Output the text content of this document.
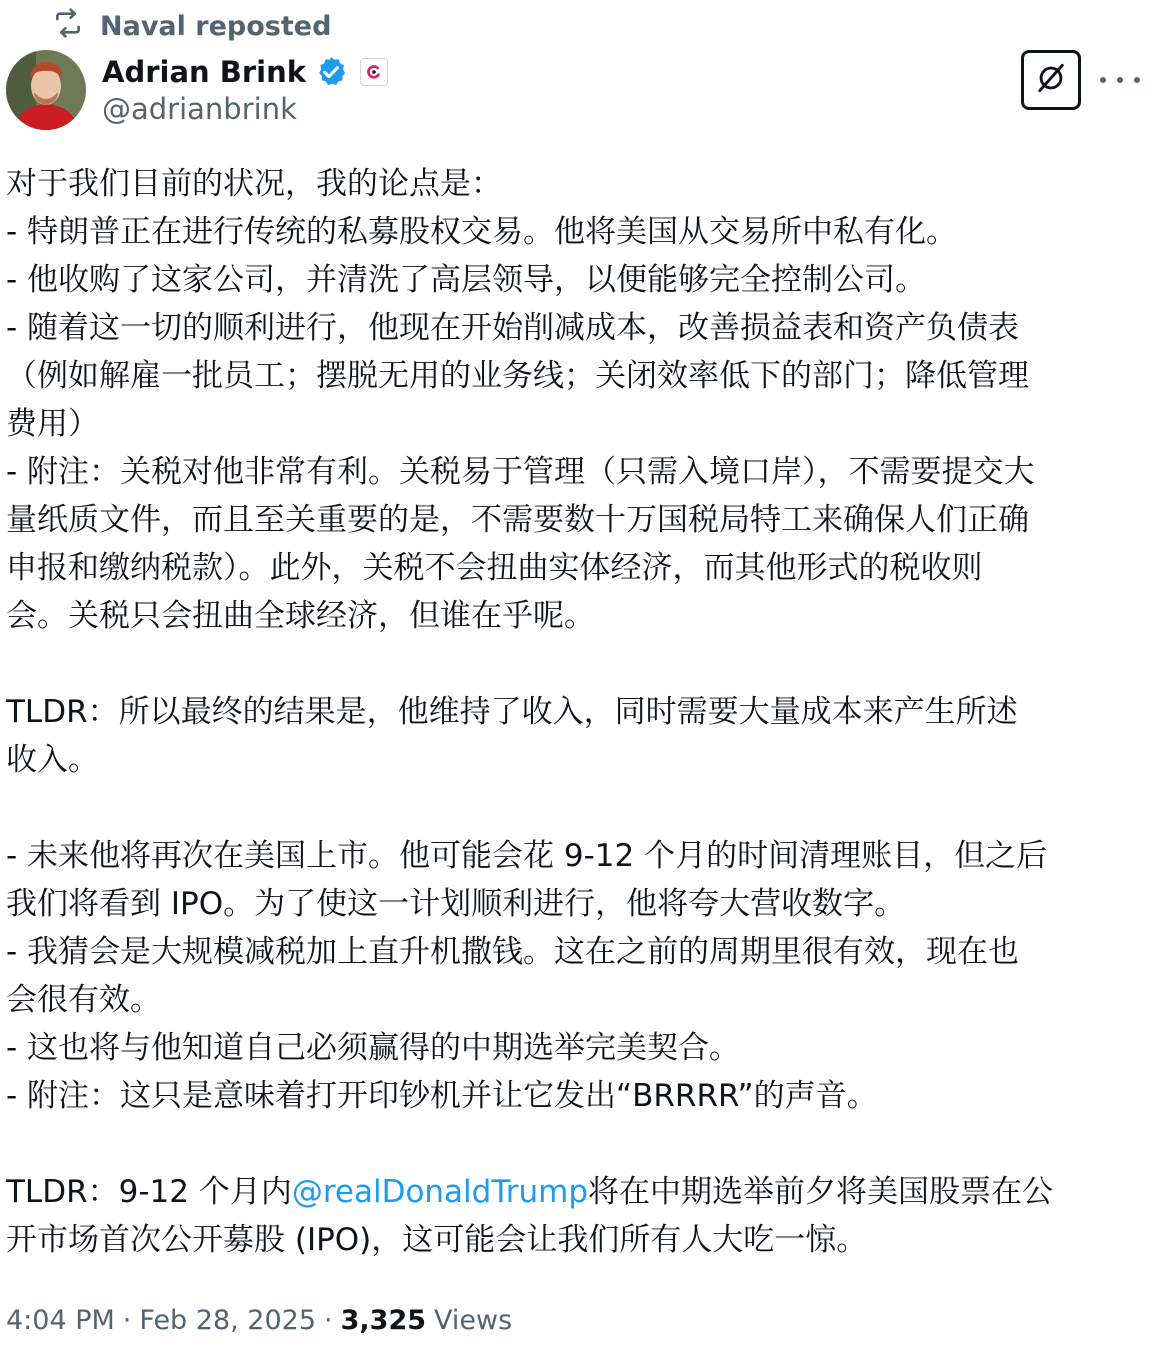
Naval reposted
Adrian Brink
@adrianbrink
对于我们目前的状况，我的论点是：
- 特朗普正在进行传统的私募股权交易。他将美国从交易所中私有化。
- 他收购了这家公司，并清洗了高层领导，以便能够完全控制公司。
- 随着这一切的顺利进行，他现在开始削减成本，改善损益表和资产负债表
（例如解雇一批员工；摆脱无用的业务线；关闭效率低下的部门；降低管理
费用）
- 附注：关税对他非常有利。关税易于管理（只需入境口岸），不需要提交大
量纸质文件，而且至关重要的是，不需要数十万国税局特工来确保人们正确
申报和缴纳税款）。此外，关税不会扭曲实体经济，而其他形式的税收则
会。关税只会扭曲全球经济，但谁在乎呢。
TLDR：所以最终的结果是，他维持了收入，同时需要大量成本来产生所述
收入。
- 未来他将再次在美国上市。他可能会花 9-12 个月的时间清理账目，但之后
我们将看到 IPO。为了使这一计划顺利进行，他将夸大营收数字。
- 我猜会是大规模减税加上直升机撒钱。这在之前的周期里很有效，现在也
会很有效。
- 这也将与他知道自己必须赢得的中期选举完美契合。
- 附注：这只是意味着打开印钞机并让它发出“BRRRR”的声音。
TLDR：9-12 个月内@realDonaldTrump将在中期选举前夕将美国股票在公
开市场首次公开募股 (IPO)，这可能会让我们所有人大吃一惊。
4:04 PM · Feb 28, 2025 · 3,325 Views
